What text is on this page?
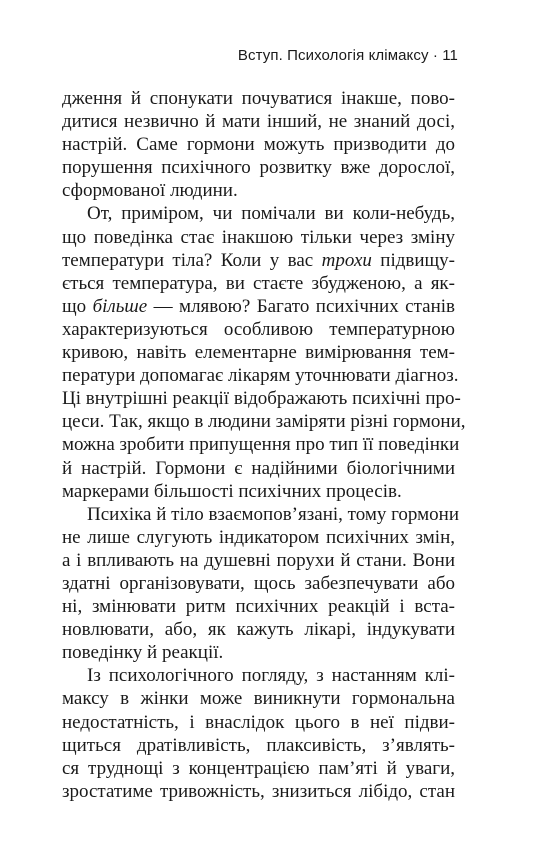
Вступ. Психологія клімаксу · 11
дження й спонукати почуватися інакше, пово-
дитися незвично й мати інший, не знаний досі,
настрій. Саме гормони можуть призводити до
порушення психічного розвитку вже дорослої,
сформованої людини.
От, приміром, чи помічали ви коли-небудь,
що поведінка стає інакшою тільки через зміну
температури тіла? Коли у вас трохи підвищу-
ється температура, ви стаєте збудженою, а як-
що більше — млявою? Багато психічних станів
характеризуються особливою температурною
кривою, навіть елементарне вимірювання тем-
ператури допомагає лікарям уточнювати діагноз.
Ці внутрішні реакції відображають психічні про-
цеси. Так, якщо в людини заміряти різні гормони,
можна зробити припущення про тип її поведінки
й настрій. Гормони є надійними біологічними
маркерами більшості психічних процесів.
Психіка й тіло взаємопов’язані, тому гормони
не лише слугують індикатором психічних змін,
а і впливають на душевні порухи й стани. Вони
здатні організовувати, щось забезпечувати або
ні, змінювати ритм психічних реакцій і вста-
новлювати, або, як кажуть лікарі, індукувати
поведінку й реакції.
Із психологічного погляду, з настанням клі-
максу в жінки може виникнути гормональна
недостатність, і внаслідок цього в неї підви-
щиться дратівливість, плаксивість, з’являть-
ся труднощі з концентрацією пам’яті й уваги,
зростатиме тривожність, знизиться лібідо, стан
